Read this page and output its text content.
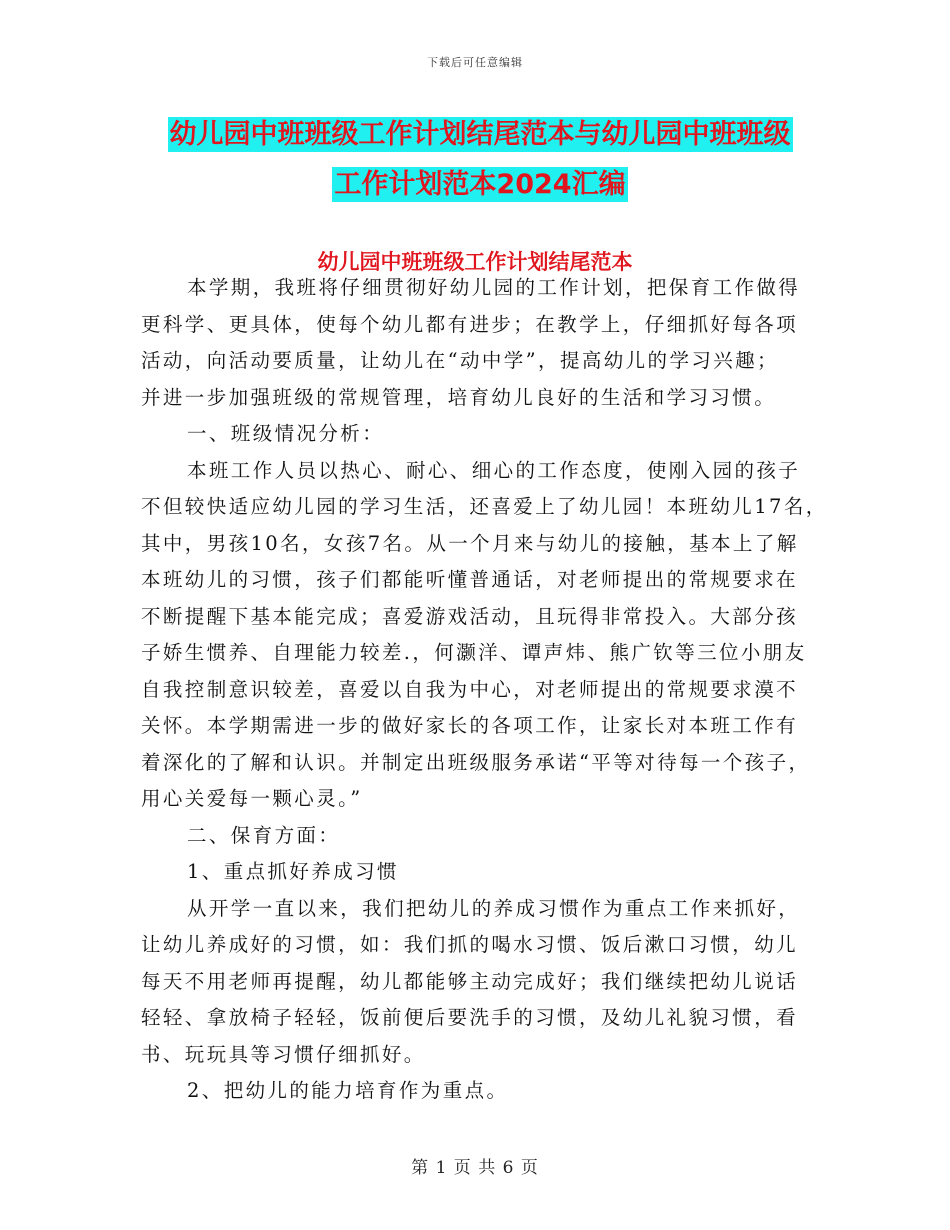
下载后可任意编辑
幼儿园中班班级工作计划结尾范本与幼儿园中班班级
工作计划范本2024汇编
幼儿园中班班级工作计划结尾范本
本学期，我班将仔细贯彻好幼儿园的工作计划，把保育工作做得
更科学、更具体，使每个幼儿都有进步；在教学上，仔细抓好每各项
活动，向活动要质量，让幼儿在“动中学”，提高幼儿的学习兴趣；
并进一步加强班级的常规管理，培育幼儿良好的生活和学习习惯。
一、班级情况分析：
本班工作人员以热心、耐心、细心的工作态度，使刚入园的孩子
不但较快适应幼儿园的学习生活，还喜爱上了幼儿园！本班幼儿17名，
其中，男孩10名，女孩7名。从一个月来与幼儿的接触，基本上了解
本班幼儿的习惯，孩子们都能听懂普通话，对老师提出的常规要求在
不断提醒下基本能完成；喜爱游戏活动，且玩得非常投入。大部分孩
子娇生惯养、自理能力较差.，何灏洋、谭声炜、熊广钦等三位小朋友
自我控制意识较差，喜爱以自我为中心，对老师提出的常规要求漠不
关怀。本学期需进一步的做好家长的各项工作，让家长对本班工作有
着深化的了解和认识。并制定出班级服务承诺“平等对待每一个孩子，
用心关爱每一颗心灵。”
二、保育方面：
1、重点抓好养成习惯
从开学一直以来，我们把幼儿的养成习惯作为重点工作来抓好，
让幼儿养成好的习惯，如：我们抓的喝水习惯、饭后漱口习惯，幼儿
每天不用老师再提醒，幼儿都能够主动完成好；我们继续把幼儿说话
轻轻、拿放椅子轻轻，饭前便后要洗手的习惯，及幼儿礼貌习惯，看
书、玩玩具等习惯仔细抓好。
2、把幼儿的能力培育作为重点。
第 1 页 共 6 页
